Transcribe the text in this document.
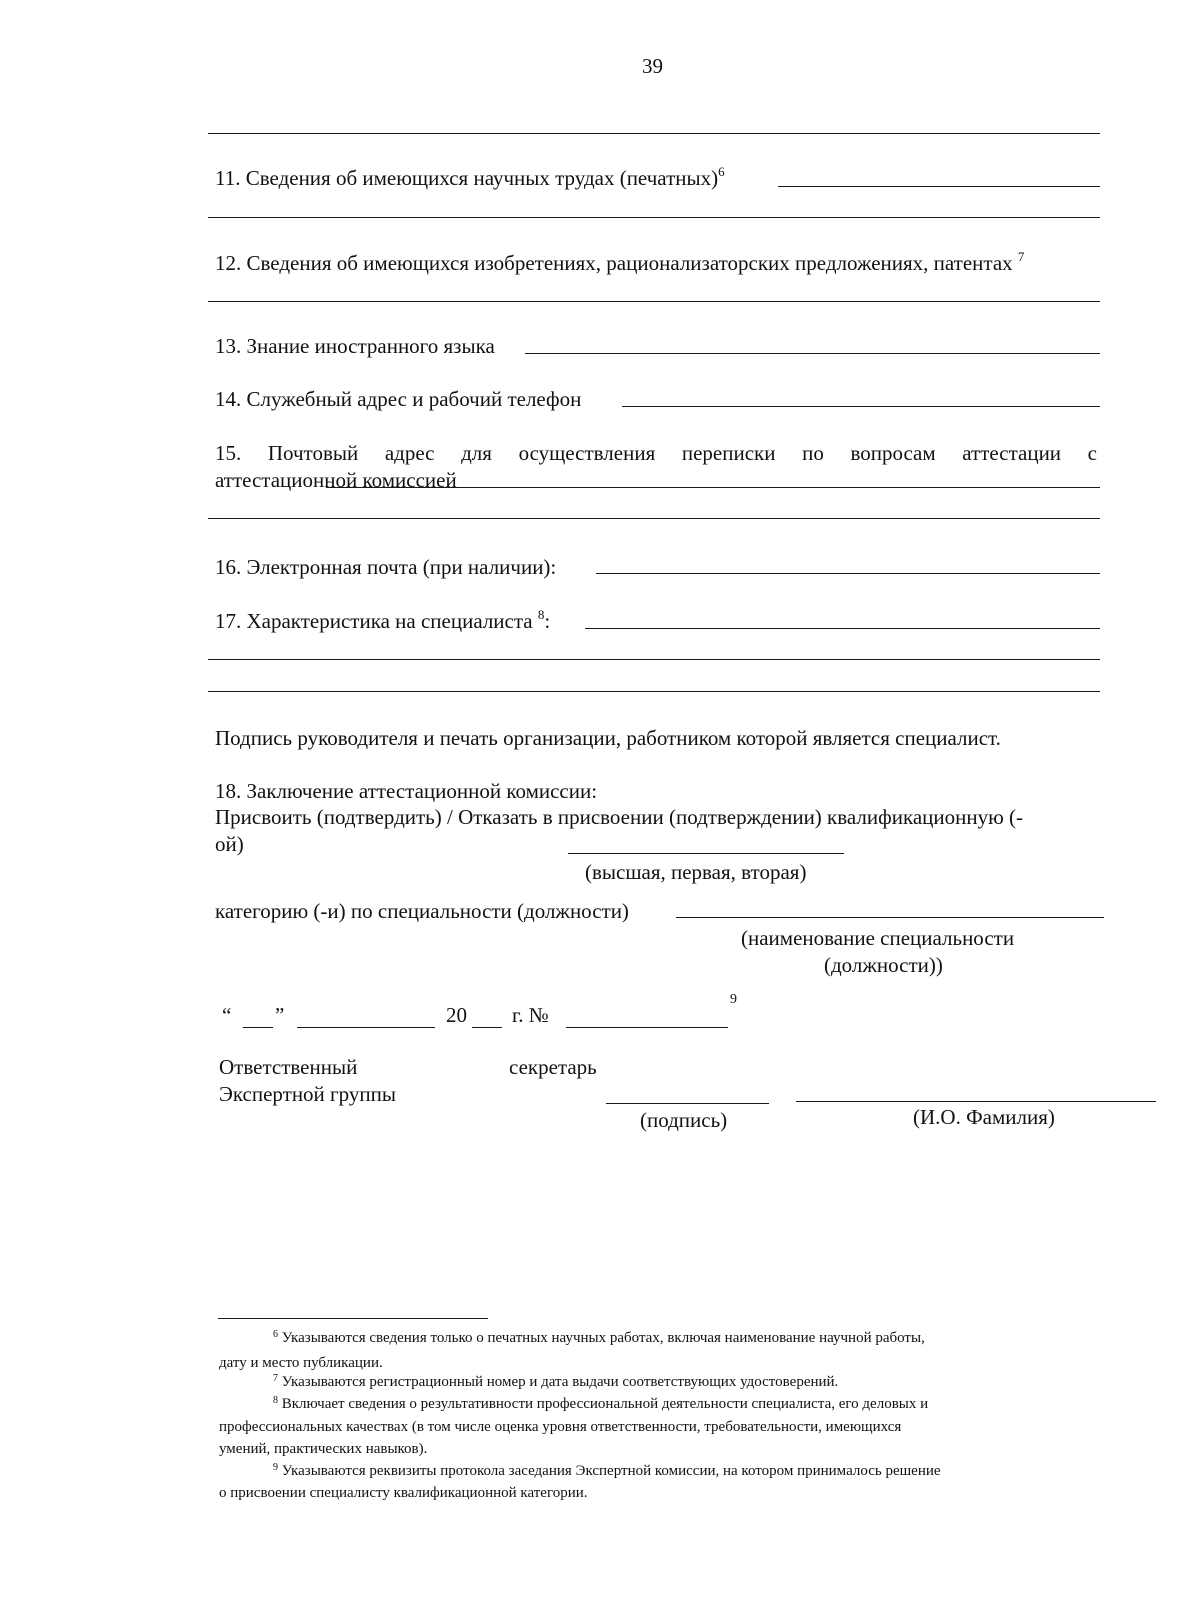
39
11. Сведения об имеющихся научных трудах (печатных)$^6$
12. Сведения об имеющихся изобретениях, рационализаторских предложениях, патентах $^7$
13. Знание иностранного языка
14. Служебный адрес и рабочий телефон
15. Почтовый адрес для осуществления переписки по вопросам аттестации с
аттестационной комиссией
16. Электронная почта (при наличии):
17. Характеристика на специалиста $^8$:
Подпись руководителя и печать организации, работником которой является специалист.
18. Заключение аттестационной комиссии:
Присвоить (подтвердить) / Отказать в присвоении (подтверждении) квалификационную (-
ой)
(высшая, первая, вторая)
категорию (-и) по специальности (должности)
(наименование специальности
(должности))
“ ”	20 г. №
9
Ответственный
Экспертной группы
секретарь
(подпись)	(И.О. Фамилия)
$^6$ Указываются сведения только о печатных научных работах, включая наименование научной работы,
дату и место публикации.
$^7$ Указываются регистрационный номер и дата выдачи соответствующих удостоверений.
$^8$ Включает сведения о результативности профессиональной деятельности специалиста, его деловых и
профессиональных качествах (в том числе оценка уровня ответственности, требовательности, имеющихся
умений, практических навыков).
$^9$ Указываются реквизиты протокола заседания Экспертной комиссии, на котором принималось решение
о присвоении специалисту квалификационной категории.
